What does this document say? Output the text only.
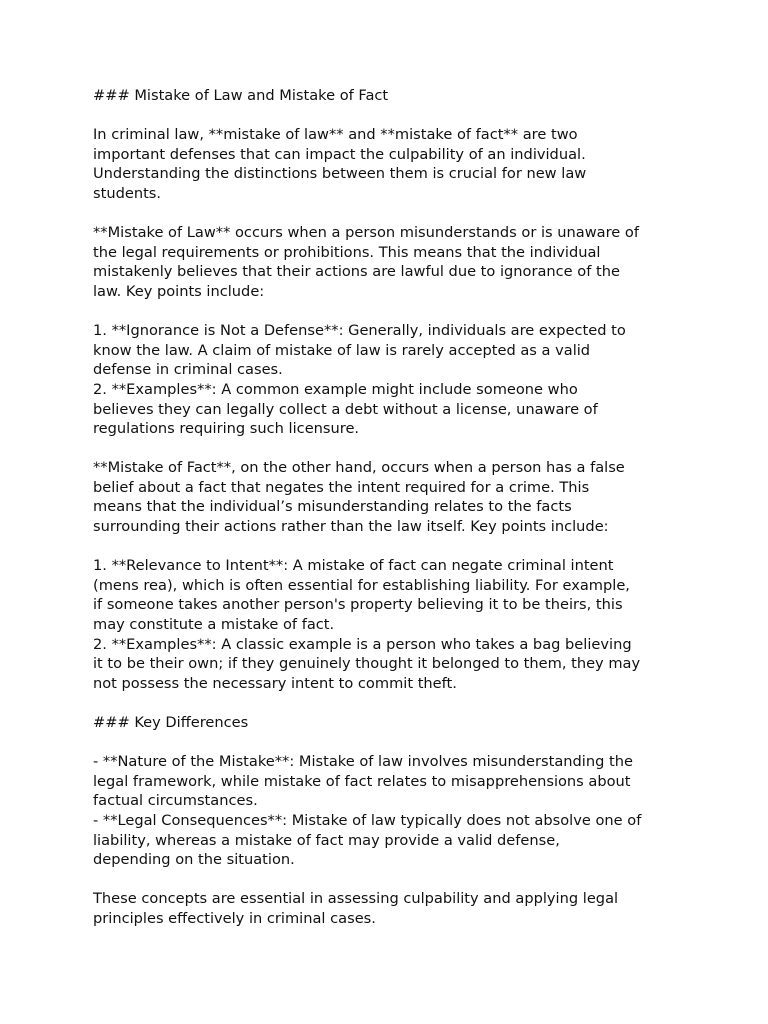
### Mistake of Law and Mistake of Fact
In criminal law, **mistake of law** and **mistake of fact** are two
important defenses that can impact the culpability of an individual.
Understanding the distinctions between them is crucial for new law
students.
**Mistake of Law** occurs when a person misunderstands or is unaware of
the legal requirements or prohibitions. This means that the individual
mistakenly believes that their actions are lawful due to ignorance of the
law. Key points include:
1. **Ignorance is Not a Defense**: Generally, individuals are expected to
know the law. A claim of mistake of law is rarely accepted as a valid
defense in criminal cases.
2. **Examples**: A common example might include someone who
believes they can legally collect a debt without a license, unaware of
regulations requiring such licensure.
**Mistake of Fact**, on the other hand, occurs when a person has a false
belief about a fact that negates the intent required for a crime. This
means that the individual’s misunderstanding relates to the facts
surrounding their actions rather than the law itself. Key points include:
1. **Relevance to Intent**: A mistake of fact can negate criminal intent
(mens rea), which is often essential for establishing liability. For example,
if someone takes another person's property believing it to be theirs, this
may constitute a mistake of fact.
2. **Examples**: A classic example is a person who takes a bag believing
it to be their own; if they genuinely thought it belonged to them, they may
not possess the necessary intent to commit theft.
### Key Differences
- **Nature of the Mistake**: Mistake of law involves misunderstanding the
legal framework, while mistake of fact relates to misapprehensions about
factual circumstances.
- **Legal Consequences**: Mistake of law typically does not absolve one of
liability, whereas a mistake of fact may provide a valid defense,
depending on the situation.
These concepts are essential in assessing culpability and applying legal
principles effectively in criminal cases.
